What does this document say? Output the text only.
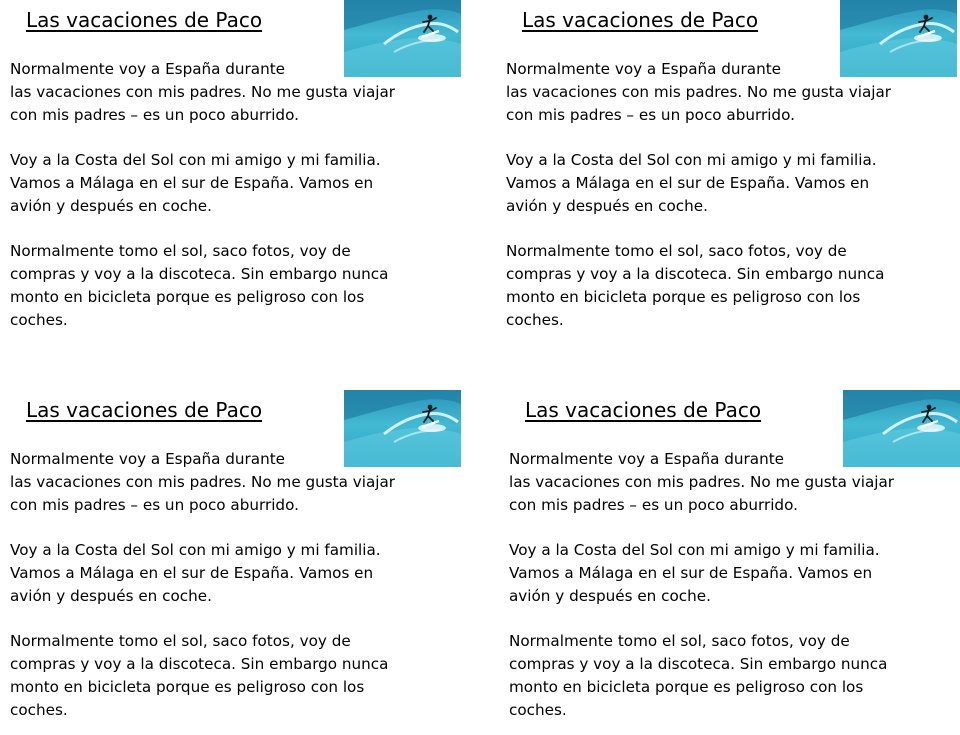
Las vacaciones de Paco
Normalmente voy a España durante
las vacaciones con mis padres. No me gusta viajar
con mis padres – es un poco aburrido.
Voy a la Costa del Sol con mi amigo y mi familia.
Vamos a Málaga en el sur de España. Vamos en
avión y después en coche.
Normalmente tomo el sol, saco fotos, voy de
compras y voy a la discoteca. Sin embargo nunca
monto en bicicleta porque es peligroso con los
coches.
Las vacaciones de Paco
Normalmente voy a España durante
las vacaciones con mis padres. No me gusta viajar
con mis padres – es un poco aburrido.
Voy a la Costa del Sol con mi amigo y mi familia.
Vamos a Málaga en el sur de España. Vamos en
avión y después en coche.
Normalmente tomo el sol, saco fotos, voy de
compras y voy a la discoteca. Sin embargo nunca
monto en bicicleta porque es peligroso con los
coches.
Las vacaciones de Paco
Normalmente voy a España durante
las vacaciones con mis padres. No me gusta viajar
con mis padres – es un poco aburrido.
Voy a la Costa del Sol con mi amigo y mi familia.
Vamos a Málaga en el sur de España. Vamos en
avión y después en coche.
Normalmente tomo el sol, saco fotos, voy de
compras y voy a la discoteca. Sin embargo nunca
monto en bicicleta porque es peligroso con los
coches.
Las vacaciones de Paco
Normalmente voy a España durante
las vacaciones con mis padres. No me gusta viajar
con mis padres – es un poco aburrido.
Voy a la Costa del Sol con mi amigo y mi familia.
Vamos a Málaga en el sur de España. Vamos en
avión y después en coche.
Normalmente tomo el sol, saco fotos, voy de
compras y voy a la discoteca. Sin embargo nunca
monto en bicicleta porque es peligroso con los
coches.
